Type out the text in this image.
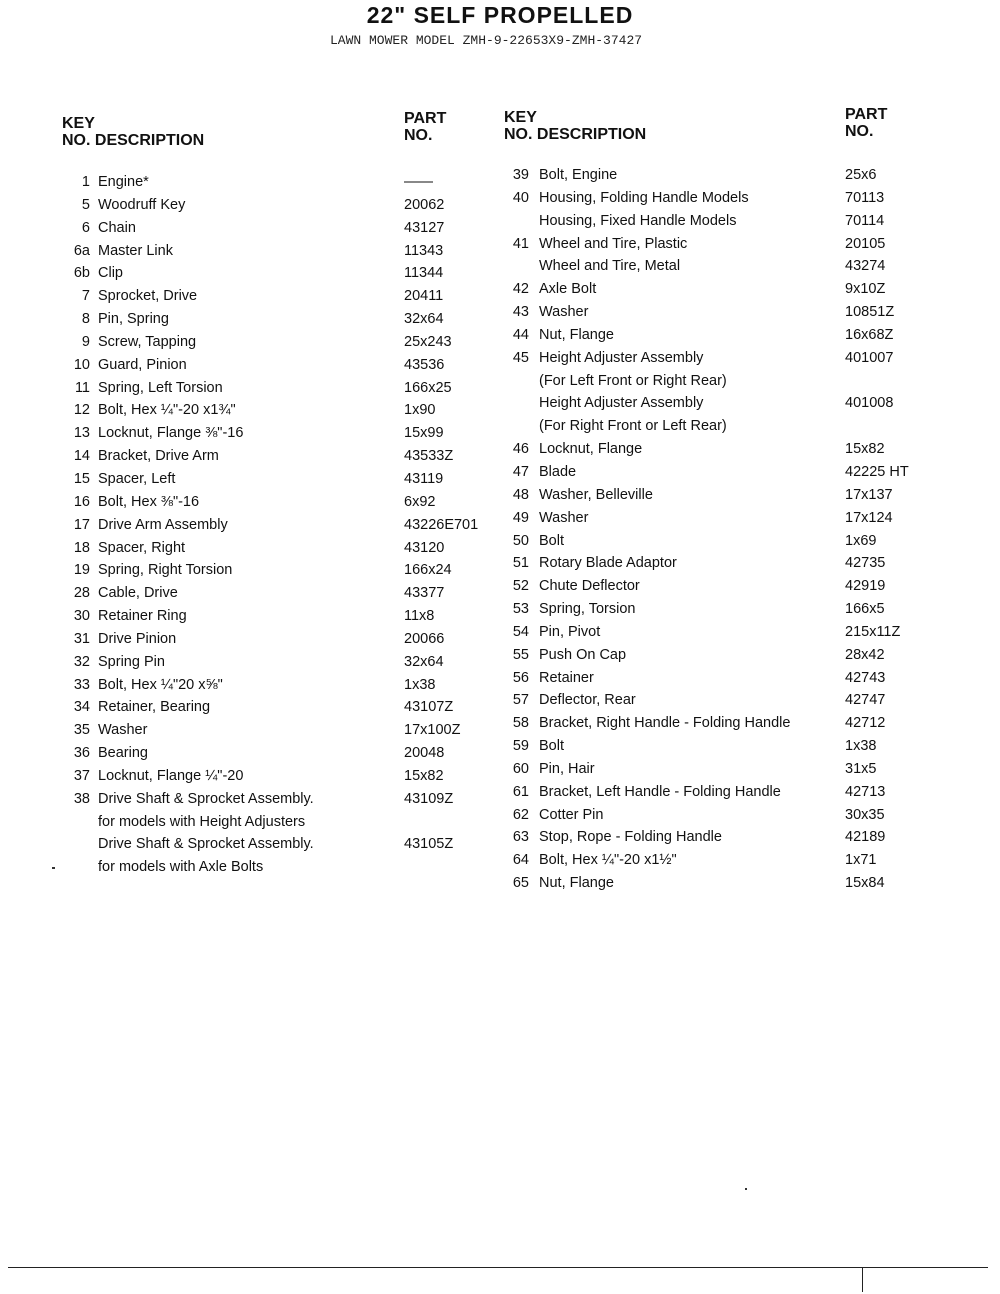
22" SELF PROPELLED
LAWN MOWER MODEL ZMH-9-22653X9-ZMH-37427
KEY
NO. DESCRIPTION
PART
NO.
KEY
NO. DESCRIPTION
PART
NO.
1 Engine*	——
5 Woodruff Key	20062
6 Chain	43127
6a Master Link	11343
6b Clip	11344
7 Sprocket, Drive	20411
8 Pin, Spring	32x64
9 Screw, Tapping	25x243
10 Guard, Pinion	43536
11 Spring, Left Torsion	166x25
12 Bolt, Hex ¼"-20 x1¾"	1x90
13 Locknut, Flange ⅜"-16	15x99
14 Bracket, Drive Arm	43533Z
15 Spacer, Left	43119
16 Bolt, Hex ⅜"-16	6x92
17 Drive Arm Assembly	43226E701
18 Spacer, Right	43120
19 Spring, Right Torsion	166x24
28 Cable, Drive	43377
30 Retainer Ring	11x8
31 Drive Pinion	20066
32 Spring Pin	32x64
33 Bolt, Hex ¼"20 x⅝"	1x38
34 Retainer, Bearing	43107Z
35 Washer	17x100Z
36 Bearing	20048
37 Locknut, Flange ¼"-20	15x82
38 Drive Shaft & Sprocket Assembly.	43109Z
for models with Height Adjusters
Drive Shaft & Sprocket Assembly.	43105Z
for models with Axle Bolts
39 Bolt, Engine	25x6
40 Housing, Folding Handle Models	70113
Housing, Fixed Handle Models	70114
41 Wheel and Tire, Plastic	20105
Wheel and Tire, Metal	43274
42 Axle Bolt	9x10Z
43 Washer	10851Z
44 Nut, Flange	16x68Z
45 Height Adjuster Assembly	401007
(For Left Front or Right Rear)
Height Adjuster Assembly	401008
(For Right Front or Left Rear)
46 Locknut, Flange	15x82
47 Blade	42225 HT
48 Washer, Belleville	17x137
49 Washer	17x124
50 Bolt	1x69
51 Rotary Blade Adaptor	42735
52 Chute Deflector	42919
53 Spring, Torsion	166x5
54 Pin, Pivot	215x11Z
55 Push On Cap	28x42
56 Retainer	42743
57 Deflector, Rear	42747
58 Bracket, Right Handle - Folding Handle	42712
59 Bolt	1x38
60 Pin, Hair	31x5
61 Bracket, Left Handle - Folding Handle	42713
62 Cotter Pin	30x35
63 Stop, Rope - Folding Handle	42189
64 Bolt, Hex ¼"-20 x1½"	1x71
65 Nut, Flange	15x84
